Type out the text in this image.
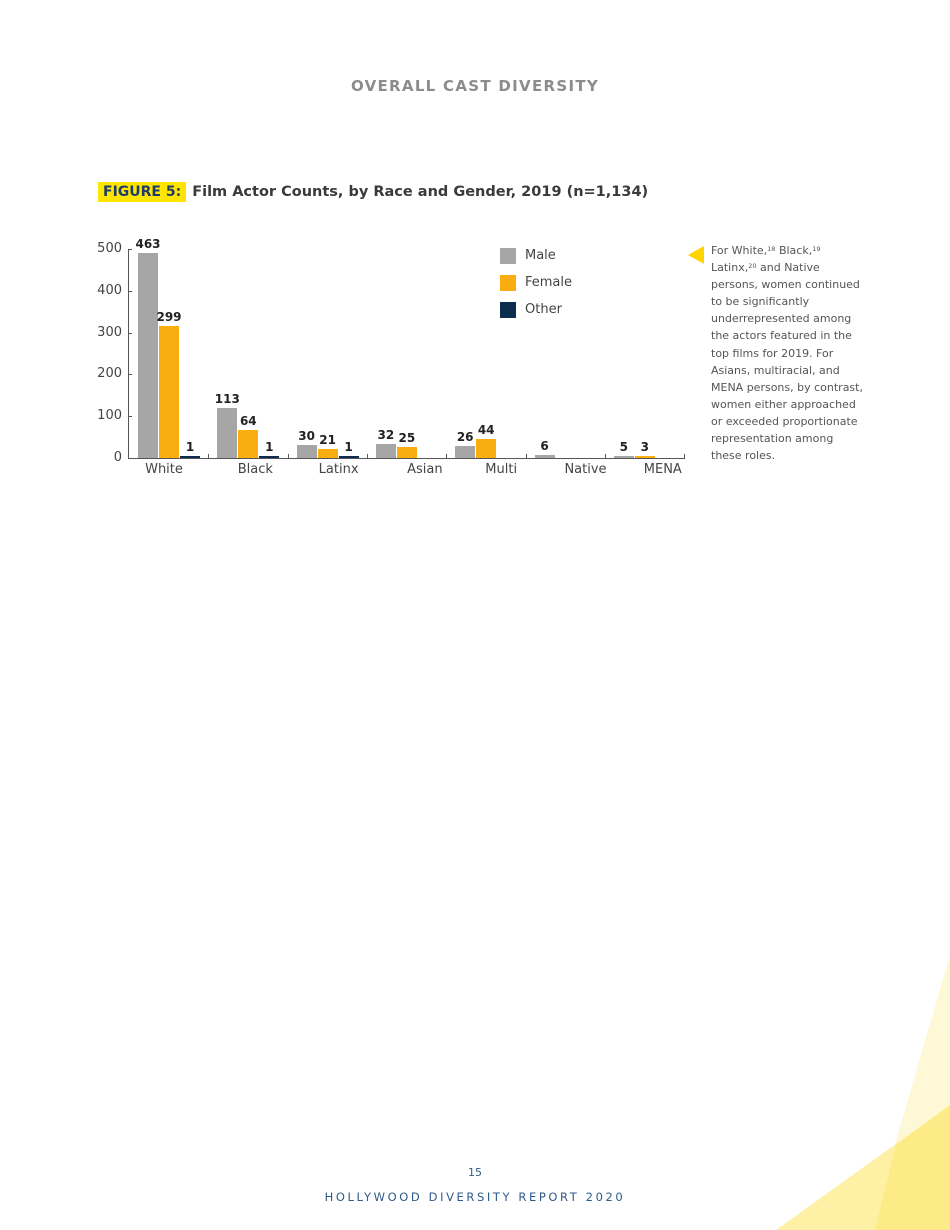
OVERALL CAST DIVERSITY
FIGURE 5: Film Actor Counts, by Race and Gender, 2019 (n=1,134)
0
100
200
300
400
500 463
299
1
113
64
1
30 21
1
32 25	26
44
6	5	3
White	Black	Latinx	Asian	Multi	Native	MENA
Male
Female
Other
For White,$^{18}$ Black,$^{19}$ Latinx,$^{20}$ and Native persons, women continued to be significantly underrepresented among the actors featured in the top films for 2019. For Asians, multiracial, and MENA persons, by contrast, women either approached or exceeded proportionate representation among these roles.
15
HOLLYWOOD DIVERSITY REPORT 2020
